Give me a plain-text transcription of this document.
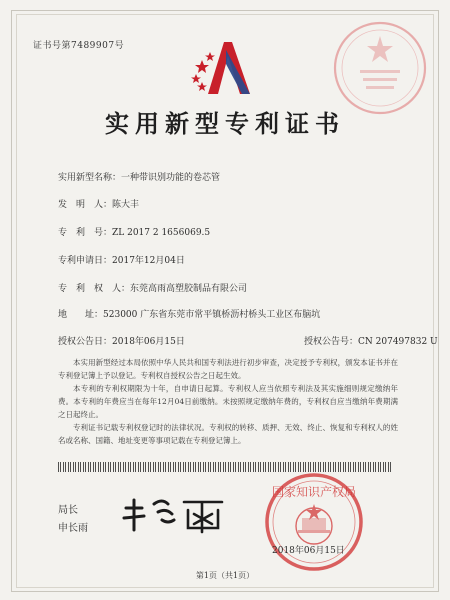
证书号第7489907号
实用新型专利证书
实用新型名称：一种带识别功能的卷芯管
发　明　人：陈大丰
专　利　号：ZL 2017 2 1656069.5
专利申请日：2017年12月04日
专　利　权　人：东莞高雨高塑胶制品有限公司
地　　址：523000 广东省东莞市常平镇桥沥村桥头工业区布脑坑
授权公告日：2018年06月15日	授权公告号：CN 207497832 U
本实用新型经过本局依照中华人民共和国专利法进行初步审查，决定授予专利权，颁发本证书并在专利登记簿上予以登记。专利权自授权公告之日起生效。
本专利的专利权期限为十年，自申请日起算。专利权人应当依照专利法及其实施细则规定缴纳年费。本专利的年费应当在每年12月04日前缴纳。未按照规定缴纳年费的，专利权自应当缴纳年费期满之日起终止。
专利证书记载专利权登记时的法律状况。专利权的转移、质押、无效、终止、恢复和专利权人的姓名或名称、国籍、地址变更等事项记载在专利登记簿上。
局长
申长雨
国家知识产权局
2018年06月15日
第1页（共1页）
